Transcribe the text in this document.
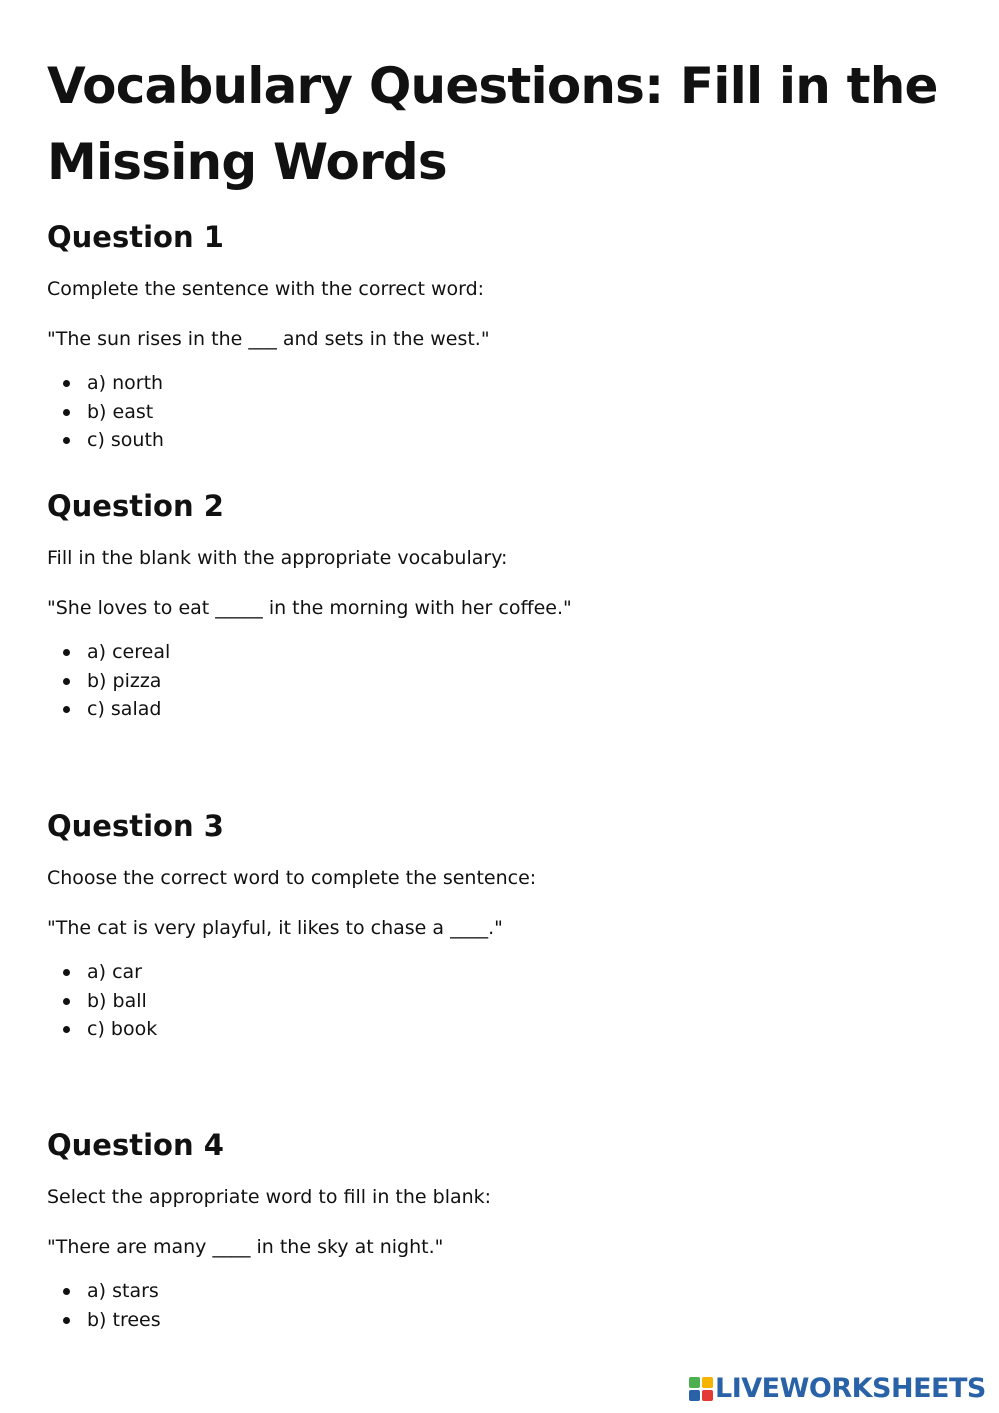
Vocabulary Questions: Fill in the Missing Words
Question 1

Complete the sentence with the correct word:

"The sun rises in the ___ and sets in the west."

a) north
b) east
c) south
Question 2

Fill in the blank with the appropriate vocabulary:

"She loves to eat _____ in the morning with her coffee."

a) cereal
b) pizza
c) salad
Question 3

Choose the correct word to complete the sentence:

"The cat is very playful, it likes to chase a ____."

a) car
b) ball
c) book
Question 4

Select the appropriate word to fill in the blank:

"There are many ____ in the sky at night."

a) stars
b) trees
LIVEWORKSHEETS
